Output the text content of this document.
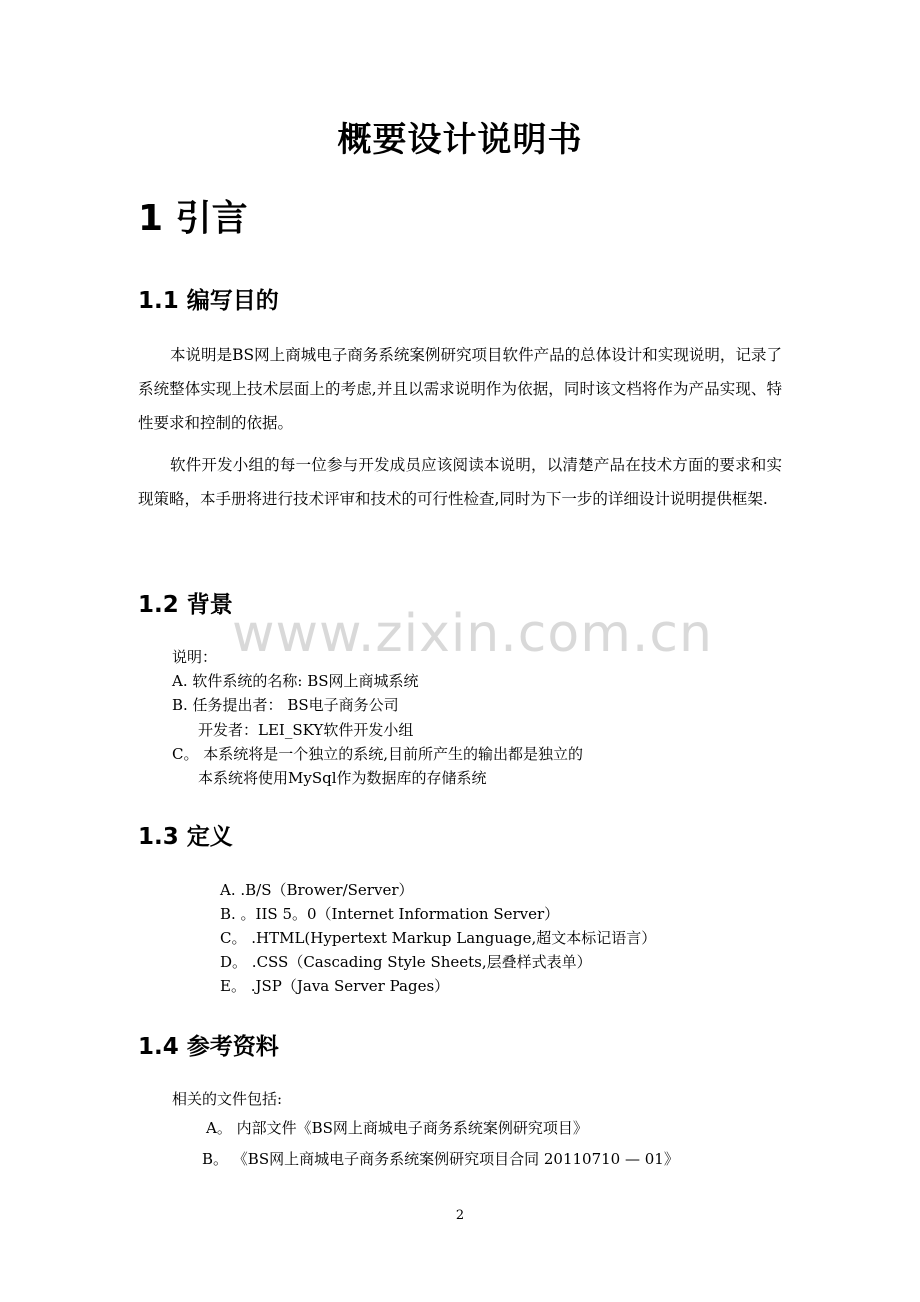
概要设计说明书
1 引言
1.1 编写目的
本说明是BS网上商城电子商务系统案例研究项目软件产品的总体设计和实现说明，记录了系统整体实现上技术层面上的考虑,并且以需求说明作为依据，同时该文档将作为产品实现、特性要求和控制的依据。
软件开发小组的每一位参与开发成员应该阅读本说明，以清楚产品在技术方面的要求和实现策略，本手册将进行技术评审和技术的可行性检查,同时为下一步的详细设计说明提供框架.
1.2 背景
说明：
A. 软件系统的名称: BS网上商城系统
B. 任务提出者： BS电子商务公司
开发者：LEI_SKY软件开发小组
C。 本系统将是一个独立的系统,目前所产生的输出都是独立的
本系统将使用MySql作为数据库的存储系统
1.3 定义
A. .B/S（Brower/Server）
B. 。IIS 5。0（Internet Information Server）
C。 .HTML(Hypertext Markup Language,超文本标记语言）
D。 .CSS（Cascading Style Sheets,层叠样式表单）
E。 .JSP（Java Server Pages）
1.4 参考资料
相关的文件包括:
A。 内部文件《BS网上商城电子商务系统案例研究项目》
B。 《BS网上商城电子商务系统案例研究项目合同 20110710 — 01》
www.zixin.com.cn
2
